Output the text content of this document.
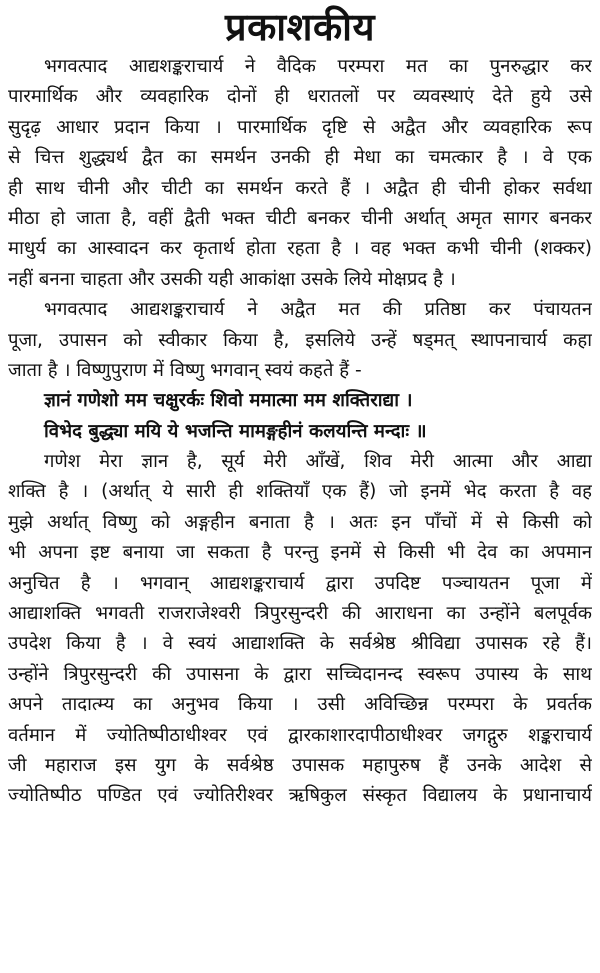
प्रकाशकीय
भगवत्पाद आद्यशङ्कराचार्य ने वैदिक परम्परा मत का पुनरुद्धार कर
पारमार्थिक और व्यवहारिक दोनों ही धरातलों पर व्यवस्थाएं देते हुये उसे
सुदृढ़ आधार प्रदान किया । पारमार्थिक दृष्टि से अद्वैत और व्यवहारिक रूप
से चित्त शुद्ध्यर्थ द्वैत का समर्थन उनकी ही मेधा का चमत्कार है । वे एक
ही साथ चीनी और चीटी का समर्थन करते हैं । अद्वैत ही चीनी होकर सर्वथा
मीठा हो जाता है, वहीं द्वैती भक्त चीटी बनकर चीनी अर्थात् अमृत सागर बनकर
माधुर्य का आस्वादन कर कृतार्थ होता रहता है । वह भक्त कभी चीनी (शक्कर)
नहीं बनना चाहता और उसकी यही आकांक्षा उसके लिये मोक्षप्रद है ।
भगवत्पाद आद्यशङ्कराचार्य ने अद्वैत मत की प्रतिष्ठा कर पंचायतन
पूजा, उपासन को स्वीकार किया है, इसलिये उन्हें षड्मत् स्थापनाचार्य कहा
जाता है । विष्णुपुराण में विष्णु भगवान् स्वयं कहते हैं -
ज्ञानं गणेशो मम चक्षुरर्कः शिवो ममात्मा मम शक्तिराद्या ।
विभेद बुद्ध्या मयि ये भजन्ति मामङ्गहीनं कलयन्ति मन्दाः ॥
गणेश मेरा ज्ञान है, सूर्य मेरी आँखें, शिव मेरी आत्मा और आद्या
शक्ति है । (अर्थात् ये सारी ही शक्तियाँ एक हैं) जो इनमें भेद करता है वह
मुझे अर्थात् विष्णु को अङ्गहीन बनाता है । अतः इन पाँचों में से किसी को
भी अपना इष्ट बनाया जा सकता है परन्तु इनमें से किसी भी देव का अपमान
अनुचित है । भगवान् आद्यशङ्कराचार्य द्वारा उपदिष्ट पञ्चायतन पूजा में
आद्याशक्ति भगवती राजराजेश्वरी त्रिपुरसुन्दरी की आराधना का उन्होंने बलपूर्वक
उपदेश किया है । वे स्वयं आद्याशक्ति के सर्वश्रेष्ठ श्रीविद्या उपासक रहे हैं।
उन्होंने त्रिपुरसुन्दरी की उपासना के द्वारा सच्चिदानन्द स्वरूप उपास्य के साथ
अपने तादात्म्य का अनुभव किया । उसी अविच्छिन्न परम्परा के प्रवर्तक
वर्तमान में ज्योतिष्पीठाधीश्वर एवं द्वारकाशारदापीठाधीश्वर जगद्गुरु शङ्कराचार्य
जी महाराज इस युग के सर्वश्रेष्ठ उपासक महापुरुष हैं उनके आदेश से
ज्योतिष्पीठ पण्डित एवं ज्योतिरीश्वर ऋषिकुल संस्कृत विद्यालय के प्रधानाचार्य
